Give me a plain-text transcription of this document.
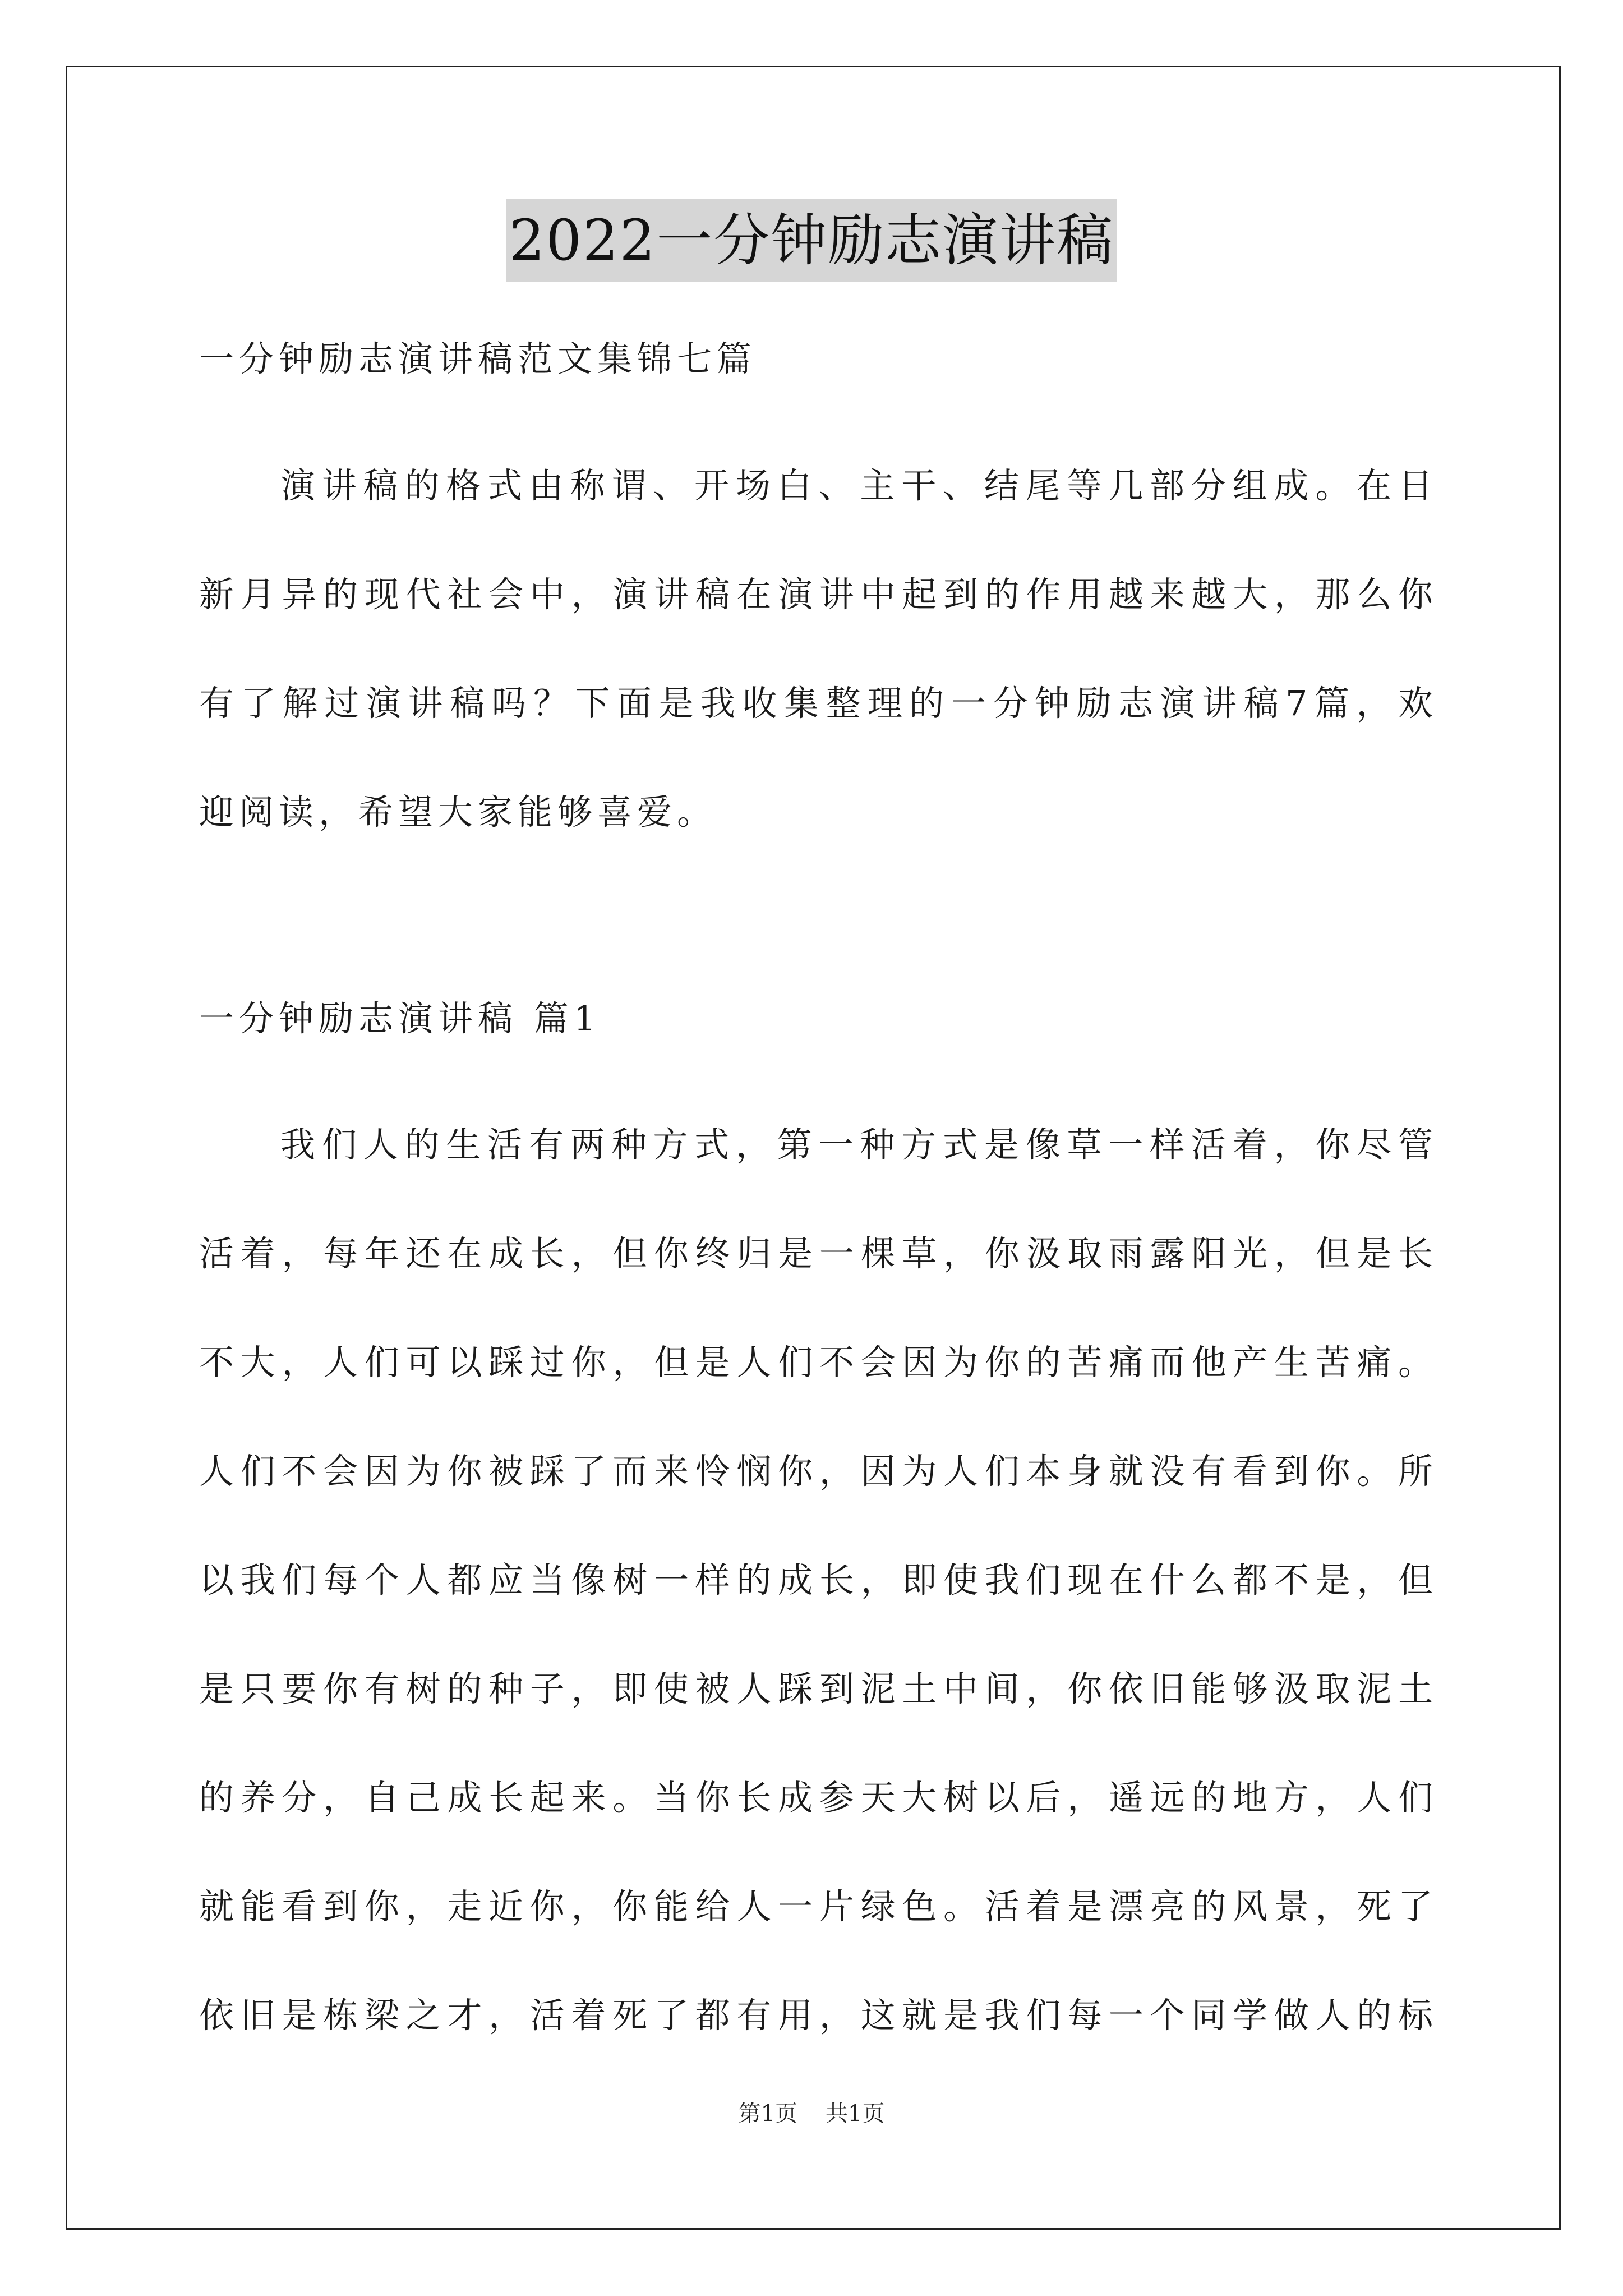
2022一分钟励志演讲稿
一分钟励志演讲稿范文集锦七篇
演讲稿的格式由称谓、开场白、主干、结尾等几部分组成。在日
新月异的现代社会中，演讲稿在演讲中起到的作用越来越大，那么你
有了解过演讲稿吗？下面是我收集整理的一分钟励志演讲稿7篇，欢
迎阅读，希望大家能够喜爱。
一分钟励志演讲稿 篇1
我们人的生活有两种方式，第一种方式是像草一样活着，你尽管
活着，每年还在成长，但你终归是一棵草，你汲取雨露阳光，但是长
不大，人们可以踩过你，但是人们不会因为你的苦痛而他产生苦痛。
人们不会因为你被踩了而来怜悯你，因为人们本身就没有看到你。所
以我们每个人都应当像树一样的成长，即使我们现在什么都不是，但
是只要你有树的种子，即使被人踩到泥土中间，你依旧能够汲取泥土
的养分，自己成长起来。当你长成参天大树以后，遥远的地方，人们
就能看到你，走近你，你能给人一片绿色。活着是漂亮的风景，死了
依旧是栋梁之才，活着死了都有用，这就是我们每一个同学做人的标
第1页 共1页
